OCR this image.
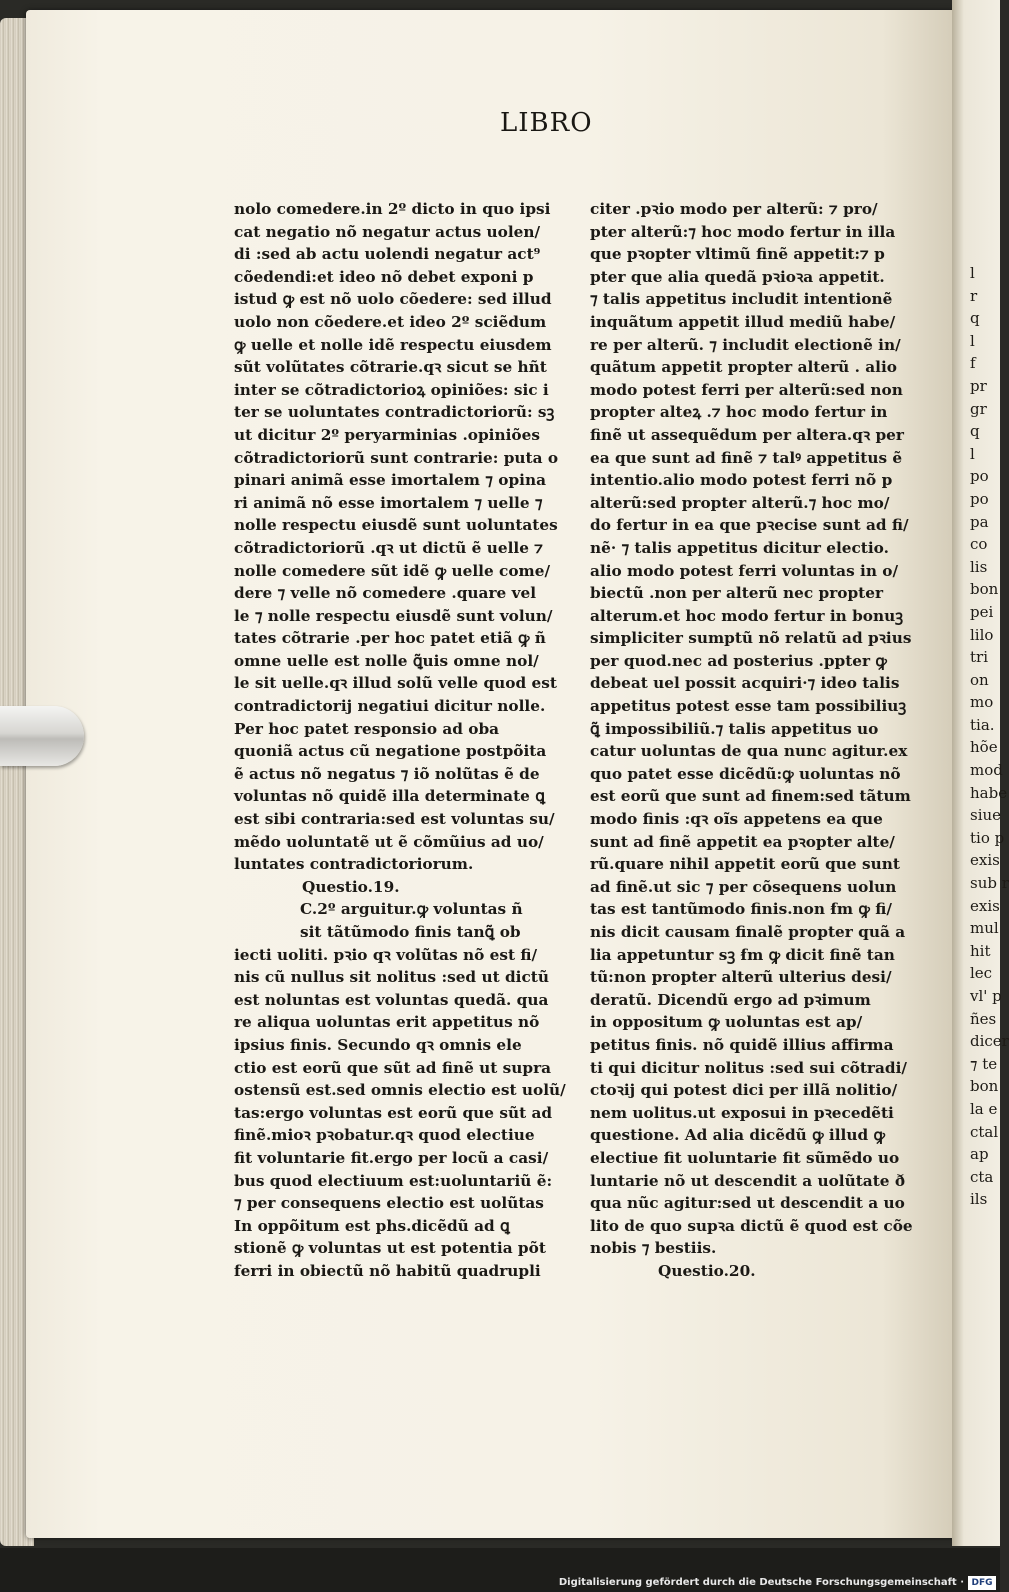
l
r
q
l
f
pr
gr
q
l
po
po
pa
co
lis
bon
pei
lilo
tri
on
mo
tia.
hõe
mod
habe
siue
tio p
exis
sub r
exis
mul
hit
lec
vl' p
ñes
dicer
⁊ te
bon
la e
ctal
ap
cta
ils
LIBRO
nolo comedere.in 2º dicto in quo ipsi
cat negatio nõ negatur actus uolen/
di :sed ab actu uolendi negatur act⁹
cõedendi:et ideo nõ debet exponi p
istud ꝙ est nõ uolo cõedere: sed illud
uolo non cõedere.et ideo 2º sciẽdum
ꝙ uelle et nolle idẽ respectu eiusdem
sũt volũtates cõtrarie.qꝛ sicut se hñt
inter se cõtradictorioꝝ opiniões: sic i
ter se uoluntates contradictoriorũ: sꝫ
ut dicitur 2º peryarminias .opiniões
cõtradictoriorũ sunt contrarie: puta o
pinari animã esse imortalem ⁊ opina
ri animã nõ esse imortalem ⁊ uelle ⁊
nolle respectu eiusdẽ sunt uoluntates
cõtradictoriorũ .qꝛ ut dictũ ẽ uelle ⁊
nolle comedere sũt idẽ ꝙ uelle come/
dere ⁊ velle nõ comedere .quare vel
le ⁊ nolle respectu eiusdẽ sunt volun/
tates cõtrarie .per hoc patet etiã ꝙ ñ
omne uelle est nolle ꝗ̃uis omne nol/
le sit uelle.qꝛ illud solũ velle quod est
contradictorij negatiui dicitur nolle.
Per hoc patet responsio ad oba
quoniã actus cũ negatione postpõita
ẽ actus nõ negatus ⁊ iõ nolũtas ẽ de
voluntas nõ quidẽ illa determinate ꝗ
est sibi contraria:sed est voluntas su/
mẽdo uoluntatẽ ut ẽ cõmũius ad uo/
luntates contradictoriorum.
Questio.19.
C.2º arguitur.ꝙ voluntas ñ
sit tãtũmodo finis tanꝗ̃ ob
iecti uoliti. pꝛio qꝛ volũtas nõ est fi/
nis cũ nullus sit nolitus :sed ut dictũ
est noluntas est voluntas quedã. qua
re aliqua uoluntas erit appetitus nõ
ipsius finis. Secundo qꝛ omnis ele
ctio est eorũ que sũt ad finẽ ut supra
ostensũ est.sed omnis electio est uolũ/
tas:ergo voluntas est eorũ que sũt ad
finẽ.mioꝛ pꝛobatur.qꝛ quod electiue
fit voluntarie fit.ergo per locũ a casi/
bus quod electiuum est:uoluntariũ ẽ:
⁊ per consequens electio est uolũtas
In oppõitum est phs.dicẽdũ ad ꝗ
stionẽ ꝙ voluntas ut est potentia põt
ferri in obiectũ nõ habitũ quadrupli
citer .pꝛio modo per alterũ: ⁊ pro/
pter alterũ:⁊ hoc modo fertur in illa
que pꝛopter vltimũ finẽ appetit:⁊ p
pter que alia quedã pꝛioꝛa appetit.
⁊ talis appetitus includit intentionẽ
inquãtum appetit illud mediũ habe/
re per alterũ. ⁊ includit electionẽ in/
quãtum appetit propter alterũ . alio
modo potest ferri per alterũ:sed non
propter alteꝝ .⁊ hoc modo fertur in
finẽ ut assequẽdum per altera.qꝛ per
ea que sunt ad finẽ ⁊ talꝰ appetitus ẽ
intentio.alio modo potest ferri nõ p
alterũ:sed propter alterũ.⁊ hoc mo/
do fertur in ea que pꝛecise sunt ad fi/
nẽ· ⁊ talis appetitus dicitur electio.
alio modo potest ferri voluntas in o/
biectũ .non per alterũ nec propter
alterum.et hoc modo fertur in bonuꝫ
simpliciter sumptũ nõ relatũ ad pꝛius
per quod.nec ad posterius .ppter ꝙ
debeat uel possit acquiri·⁊ ideo talis
appetitus potest esse tam possibiliuꝫ
ꝗ̃ impossibiliũ.⁊ talis appetitus uo
catur uoluntas de qua nunc agitur.ex
quo patet esse dicẽdũ:ꝙ uoluntas nõ
est eorũ que sunt ad finem:sed tãtum
modo finis :qꝛ oĩs appetens ea que
sunt ad finẽ appetit ea pꝛopter alte/
rũ.quare nihil appetit eorũ que sunt
ad finẽ.ut sic ⁊ per cõsequens uolun
tas est tantũmodo finis.non ẜm ꝙ fi/
nis dicit causam finalẽ propter quã a
lia appetuntur sꝫ ẜm ꝙ dicit finẽ tan
tũ:non propter alterũ ulterius desi/
deratũ. Dicendũ ergo ad pꝛimum
in oppositum ꝙ uoluntas est ap/
petitus finis. nõ quidẽ illius affirma
ti qui dicitur nolitus :sed sui cõtradi/
ctoꝛij qui potest dici per illã nolitio/
nem uolitus.ut exposui in pꝛecedẽti
questione. Ad alia dicẽdũ ꝙ illud ꝙ
electiue fit uoluntarie fit sũmẽdo uo
luntarie nõ ut descendit a uolũtate ð
qua nũc agitur:sed ut descendit a uo
lito de quo supꝛa dictũ ẽ quod est cõe
nobis ⁊ bestiis.
Questio.20.
Digitalisierung gefördert durch die Deutsche Forschungsgemeinschaft · DFG
